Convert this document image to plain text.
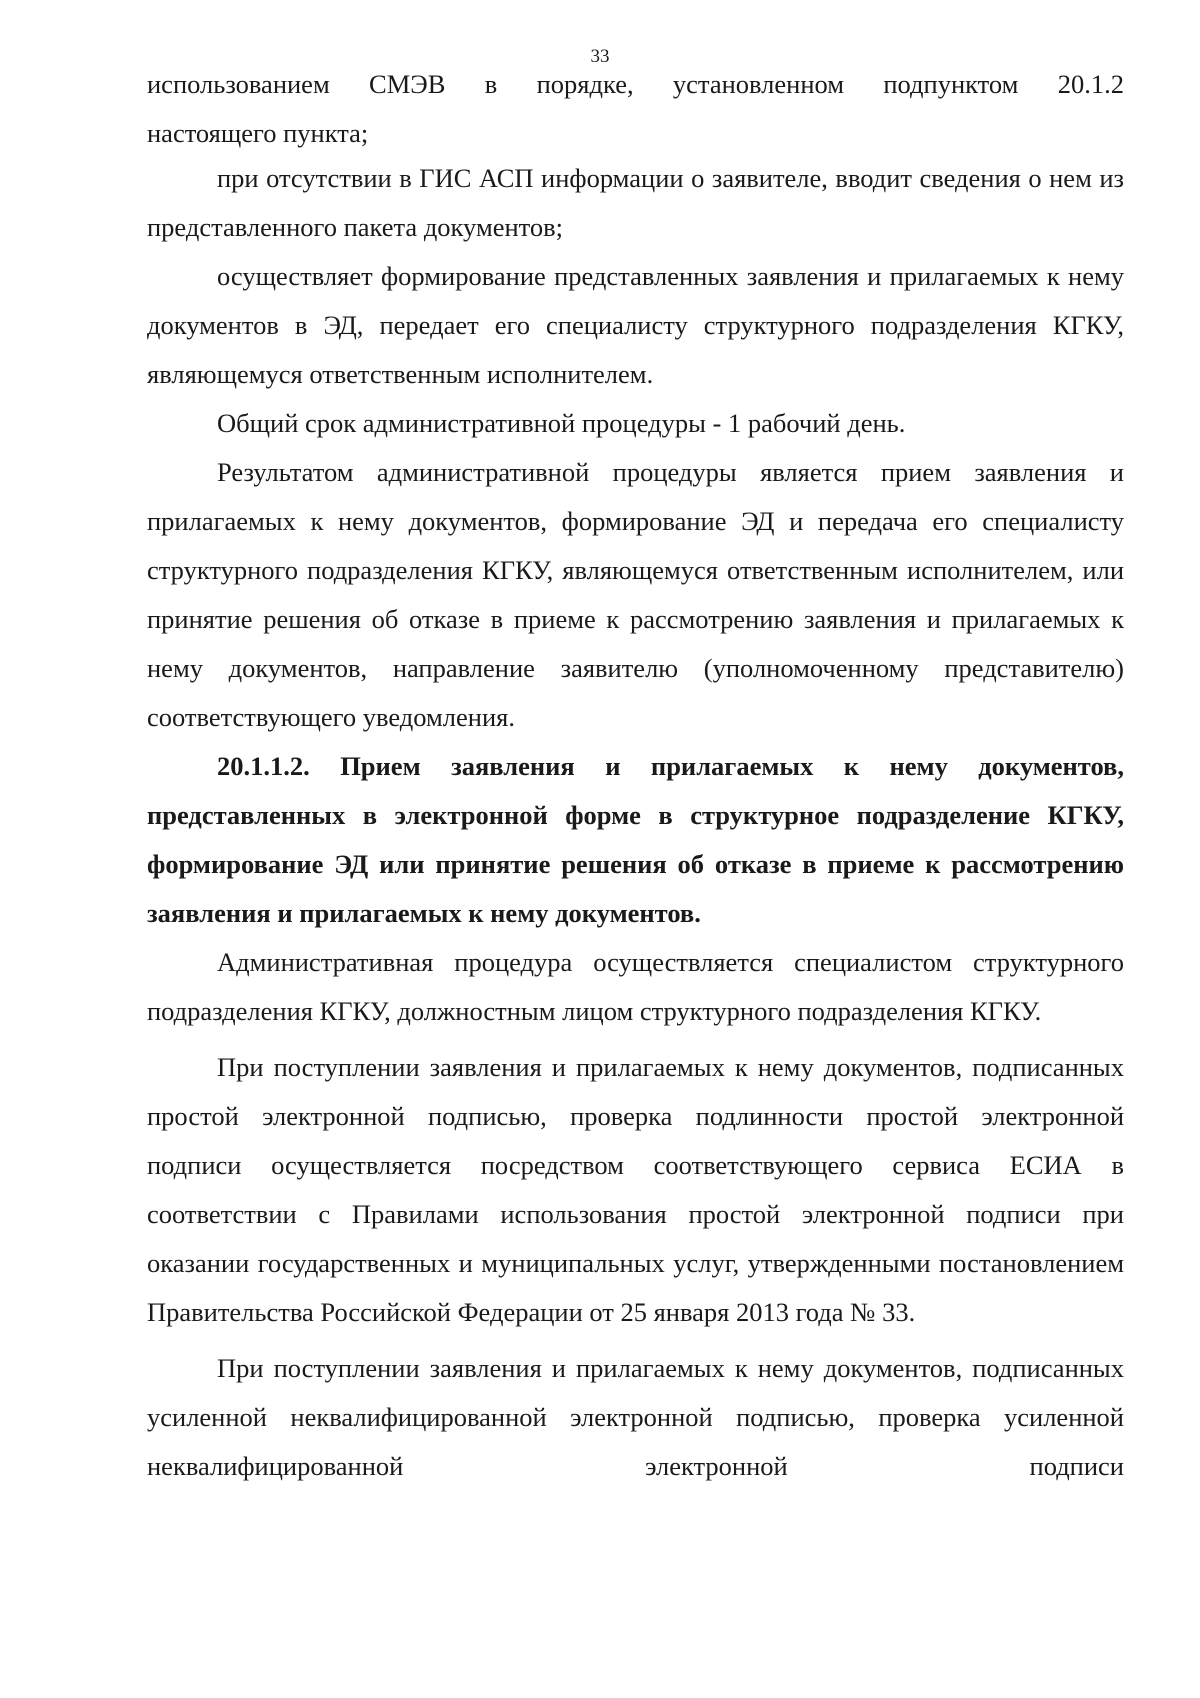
33

использованием СМЭВ в порядке, установленном подпунктом 20.1.2

настоящего пункта;

при отсутствии в ГИС АСП информации о заявителе, вводит сведения о нем из представленного пакета документов;

осуществляет формирование представленных заявления и прилагаемых к нему документов в ЭД, передает его специалисту структурного подразделения КГКУ, являющемуся ответственным исполнителем.

Общий срок административной процедуры - 1 рабочий день.

Результатом административной процедуры является прием заявления и прилагаемых к нему документов, формирование ЭД и передача его специалисту структурного подразделения КГКУ, являющемуся ответственным исполнителем, или принятие решения об отказе в приеме к рассмотрению заявления и прилагаемых к нему документов, направление заявителю (уполномоченному представителю) соответствующего уведомления.

20.1.1.2. Прием заявления и прилагаемых к нему документов, представленных в электронной форме в структурное подразделение КГКУ, формирование ЭД или принятие решения об отказе в приеме к рассмотрению заявления и прилагаемых к нему документов.

Административная процедура осуществляется специалистом структурного подразделения КГКУ, должностным лицом структурного подразделения КГКУ.

При поступлении заявления и прилагаемых к нему документов, подписанных простой электронной подписью, проверка подлинности простой электронной подписи осуществляется посредством соответствующего сервиса ЕСИА в соответствии с Правилами использования простой электронной подписи при оказании государственных и муниципальных услуг, утвержденными постановлением Правительства Российской Федерации от 25 января 2013 года № 33.

При поступлении заявления и прилагаемых к нему документов, подписанных усиленной неквалифицированной электронной подписью, проверка усиленной неквалифицированной электронной подписи
